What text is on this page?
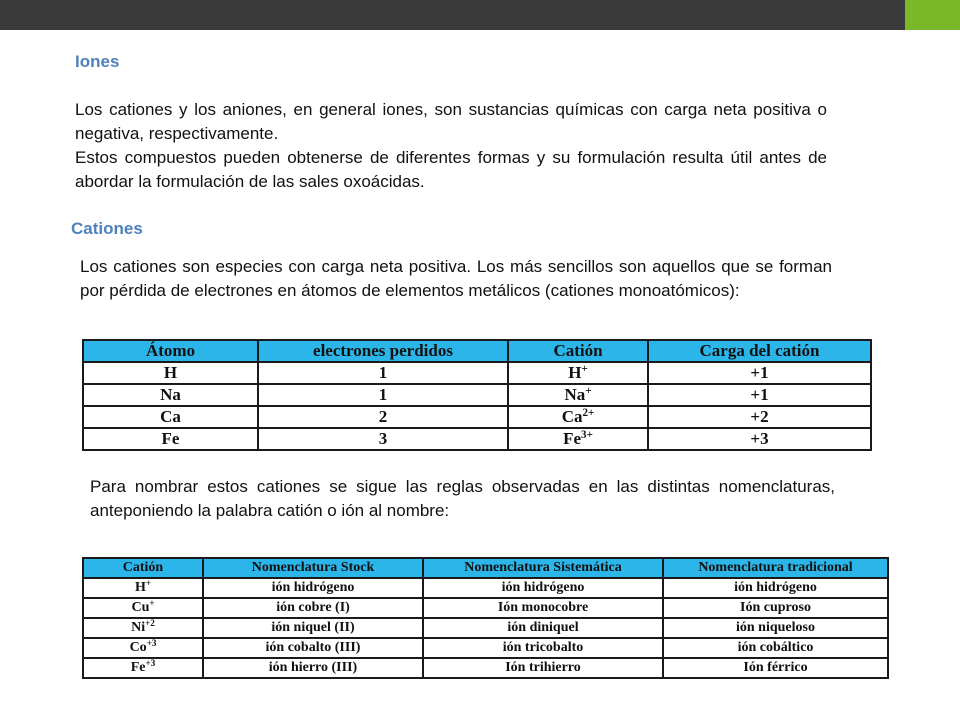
Iones

Los cationes y los aniones, en general iones, son sustancias químicas con carga neta positiva o negativa, respectivamente.

Estos compuestos pueden obtenerse de diferentes formas y su formulación resulta útil antes de abordar la formulación de las sales oxoácidas.

Cationes

Los cationes son especies con carga neta positiva. Los más sencillos son aquellos que se forman por pérdida de electrones en átomos de elementos metálicos (cationes monoatómicos):

Átomo	electrones perdidos	Catión	Carga del catión
H	1	H+	+1
Na	1	Na+	+1
Ca	2	$Ca^{2+}$	+2
Fe	3	$Fe^{3+}$	+3

Para nombrar estos cationes se sigue las reglas observadas en las distintas nomenclaturas, anteponiendo la palabra catión o ión al nombre:

Catión	Nomenclatura Stock	Nomenclatura Sistemática	Nomenclatura tradicional
H+	ión hidrógeno	ión hidrógeno	ión hidrógeno
Cu+	ión cobre (I)	Ión monocobre	Ión cuproso
$Ni^{+2}$	ión niquel (II)	ión diniquel	ión niqueloso
$Co^{+3}$	ión cobalto (III)	ión tricobalto	ión cobáltico
$Fe^{+3}$	ión hierro (III)	Ión trihierro	Ión férrico
